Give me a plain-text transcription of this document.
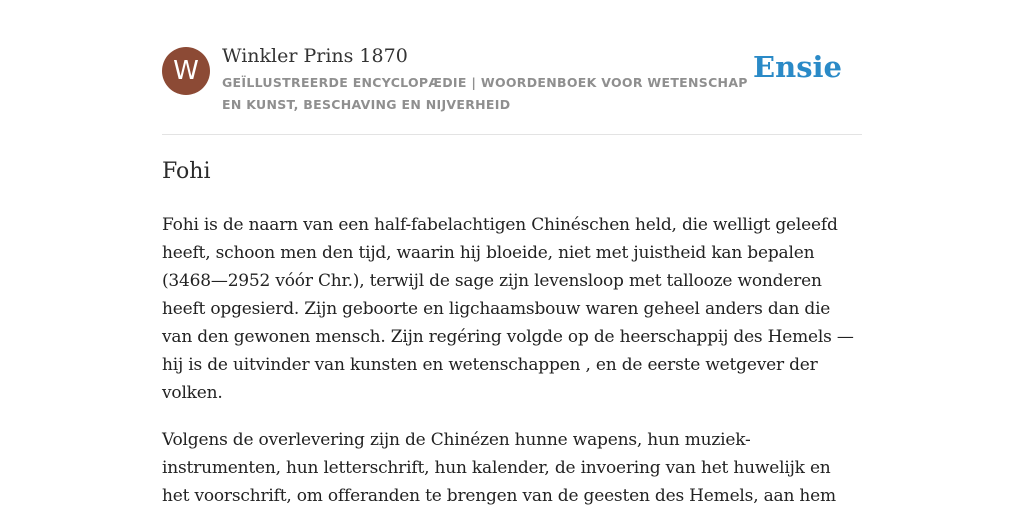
W	Winkler Prins 1870
GEÏLLUSTREERDE ENCYCLOPÆDIE | WOORDENBOEK VOOR WETENSCHAP EN KUNST, BESCHAVING EN NIJVERHEID
Ensie
Fohi

Fohi is de naarn van een half-fabelachtigen Chinéschen held, die welligt geleefd heeft, schoon men den tijd, waarin hij bloeide, niet met juistheid kan bepalen (3468—2952 vóór Chr.), terwijl de sage zijn levensloop met tallooze wonderen heeft opgesierd. Zijn geboorte en ligchaamsbouw waren geheel anders dan die van den gewonen mensch. Zijn regéring volgde op de heerschappij des Hemels — hij is de uitvinder van kunsten en wetenschappen , en de eerste wetgever der volken.

Volgens de overlevering zijn de Chinézen hunne wapens, hun muziek-instrumenten, hun letterschrift, hun kalender, de invoering van het huwelijk en het voorschrift, om offeranden te brengen van de geesten des Hemels, aan hem
